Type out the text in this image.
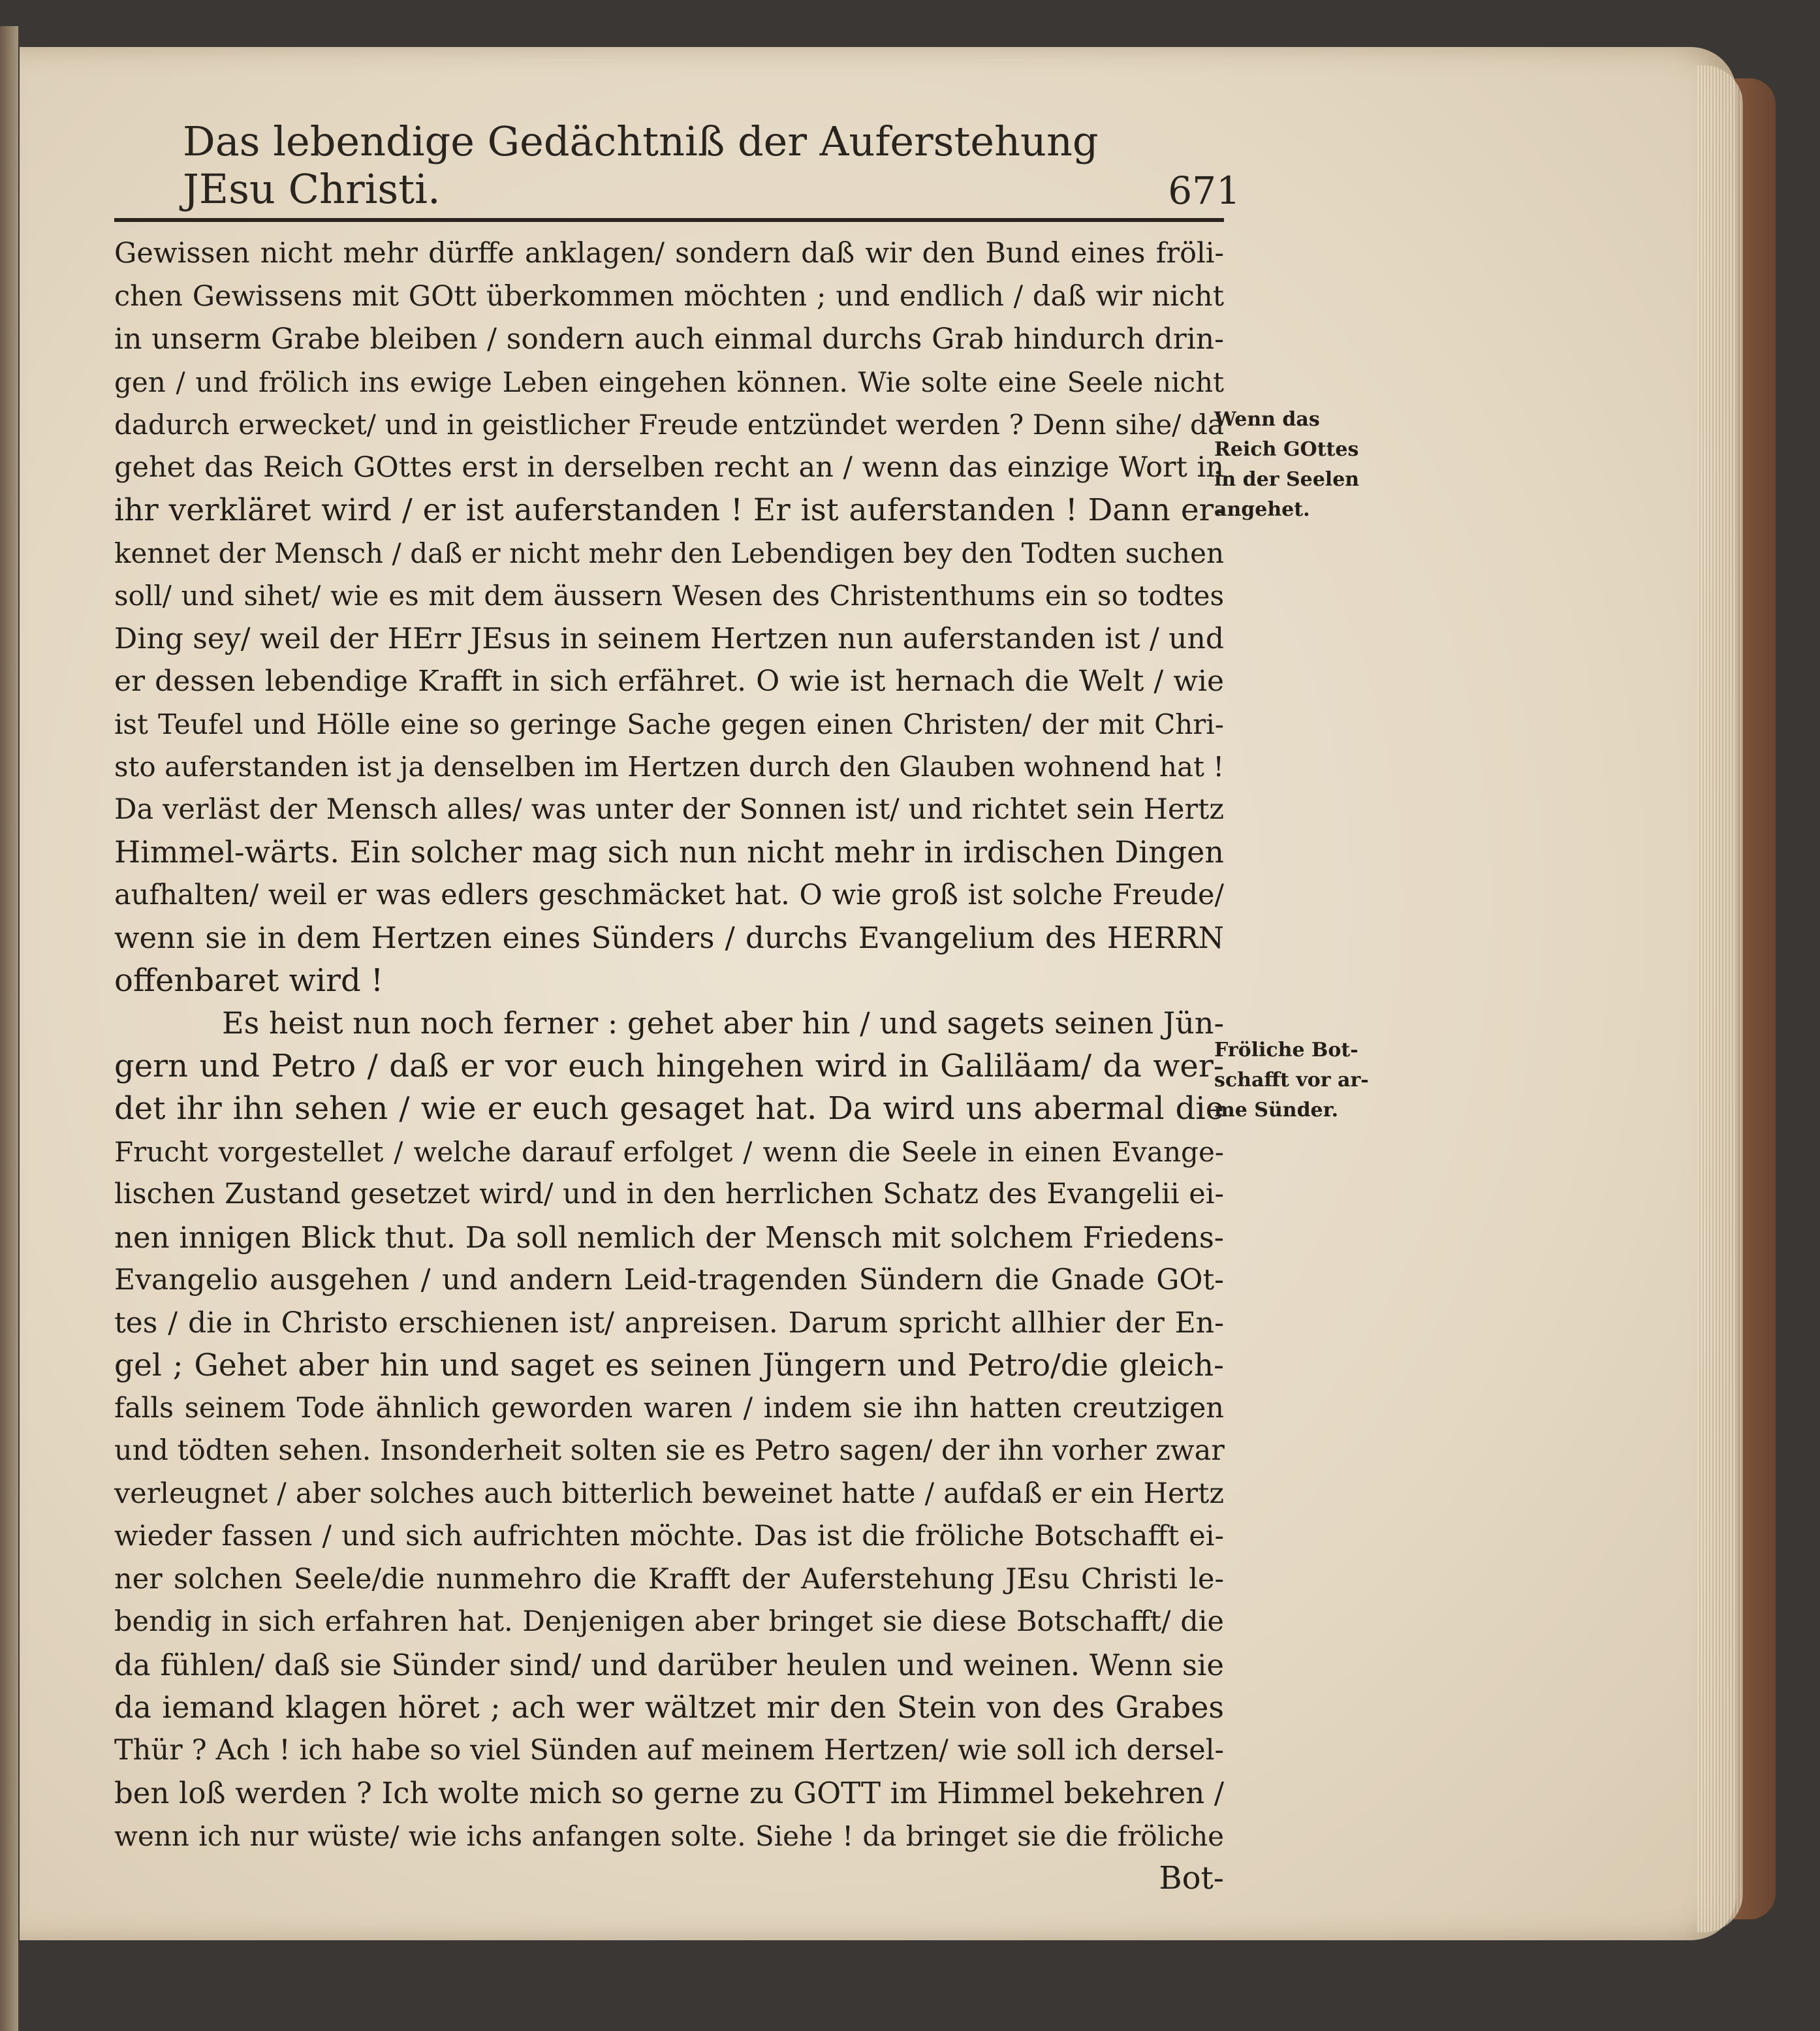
Das lebendige Gedächtniß der Auferstehung JEsu Christi.	671
Gewissen nicht mehr dürffe anklagen/ sondern daß wir den Bund eines fröli-
chen Gewissens mit GOtt überkommen möchten ; und endlich / daß wir nicht
in unserm Grabe bleiben / sondern auch einmal durchs Grab hindurch drin-
gen / und frölich ins ewige Leben eingehen können. Wie solte eine Seele nicht
dadurch erwecket/ und in geistlicher Freude entzündet werden ? Denn sihe/ da
gehet das Reich GOttes erst in derselben recht an / wenn das einzige Wort in
ihr verkläret wird / er ist auferstanden ! Er ist auferstanden ! Dann er-
kennet der Mensch / daß er nicht mehr den Lebendigen bey den Todten suchen
soll/ und sihet/ wie es mit dem äussern Wesen des Christenthums ein so todtes
Ding sey/ weil der HErr JEsus in seinem Hertzen nun auferstanden ist / und
er dessen lebendige Krafft in sich erfähret. O wie ist hernach die Welt / wie
ist Teufel und Hölle eine so geringe Sache gegen einen Christen/ der mit Chri-
sto auferstanden ist ja denselben im Hertzen durch den Glauben wohnend hat !
Da verläst der Mensch alles/ was unter der Sonnen ist/ und richtet sein Hertz
Himmel-wärts. Ein solcher mag sich nun nicht mehr in irdischen Dingen
aufhalten/ weil er was edlers geschmäcket hat. O wie groß ist solche Freude/
wenn sie in dem Hertzen eines Sünders / durchs Evangelium des HERRN
offenbaret wird !
Es heist nun noch ferner : gehet aber hin / und sagets seinen Jün-
gern und Petro / daß er vor euch hingehen wird in Galiläam/ da wer-
det ihr ihn sehen / wie er euch gesaget hat. Da wird uns abermal die
Frucht vorgestellet / welche darauf erfolget / wenn die Seele in einen Evange-
lischen Zustand gesetzet wird/ und in den herrlichen Schatz des Evangelii ei-
nen innigen Blick thut. Da soll nemlich der Mensch mit solchem Friedens-
Evangelio ausgehen / und andern Leid-tragenden Sündern die Gnade GOt-
tes / die in Christo erschienen ist/ anpreisen. Darum spricht allhier der En-
gel ; Gehet aber hin und saget es seinen Jüngern und Petro/die gleich-
falls seinem Tode ähnlich geworden waren / indem sie ihn hatten creutzigen
und tödten sehen. Insonderheit solten sie es Petro sagen/ der ihn vorher zwar
verleugnet / aber solches auch bitterlich beweinet hatte / aufdaß er ein Hertz
wieder fassen / und sich aufrichten möchte. Das ist die fröliche Botschafft ei-
ner solchen Seele/die nunmehro die Krafft der Auferstehung JEsu Christi le-
bendig in sich erfahren hat. Denjenigen aber bringet sie diese Botschafft/ die
da fühlen/ daß sie Sünder sind/ und darüber heulen und weinen. Wenn sie
da iemand klagen höret ; ach wer wältzet mir den Stein von des Grabes
Thür ? Ach ! ich habe so viel Sünden auf meinem Hertzen/ wie soll ich dersel-
ben loß werden ? Ich wolte mich so gerne zu GOTT im Himmel bekehren /
wenn ich nur wüste/ wie ichs anfangen solte. Siehe ! da bringet sie die fröliche
Bot-
Wenn das
Reich GOttes
in der Seelen
angehet.
Fröliche Bot-
schafft vor ar-
me Sünder.
